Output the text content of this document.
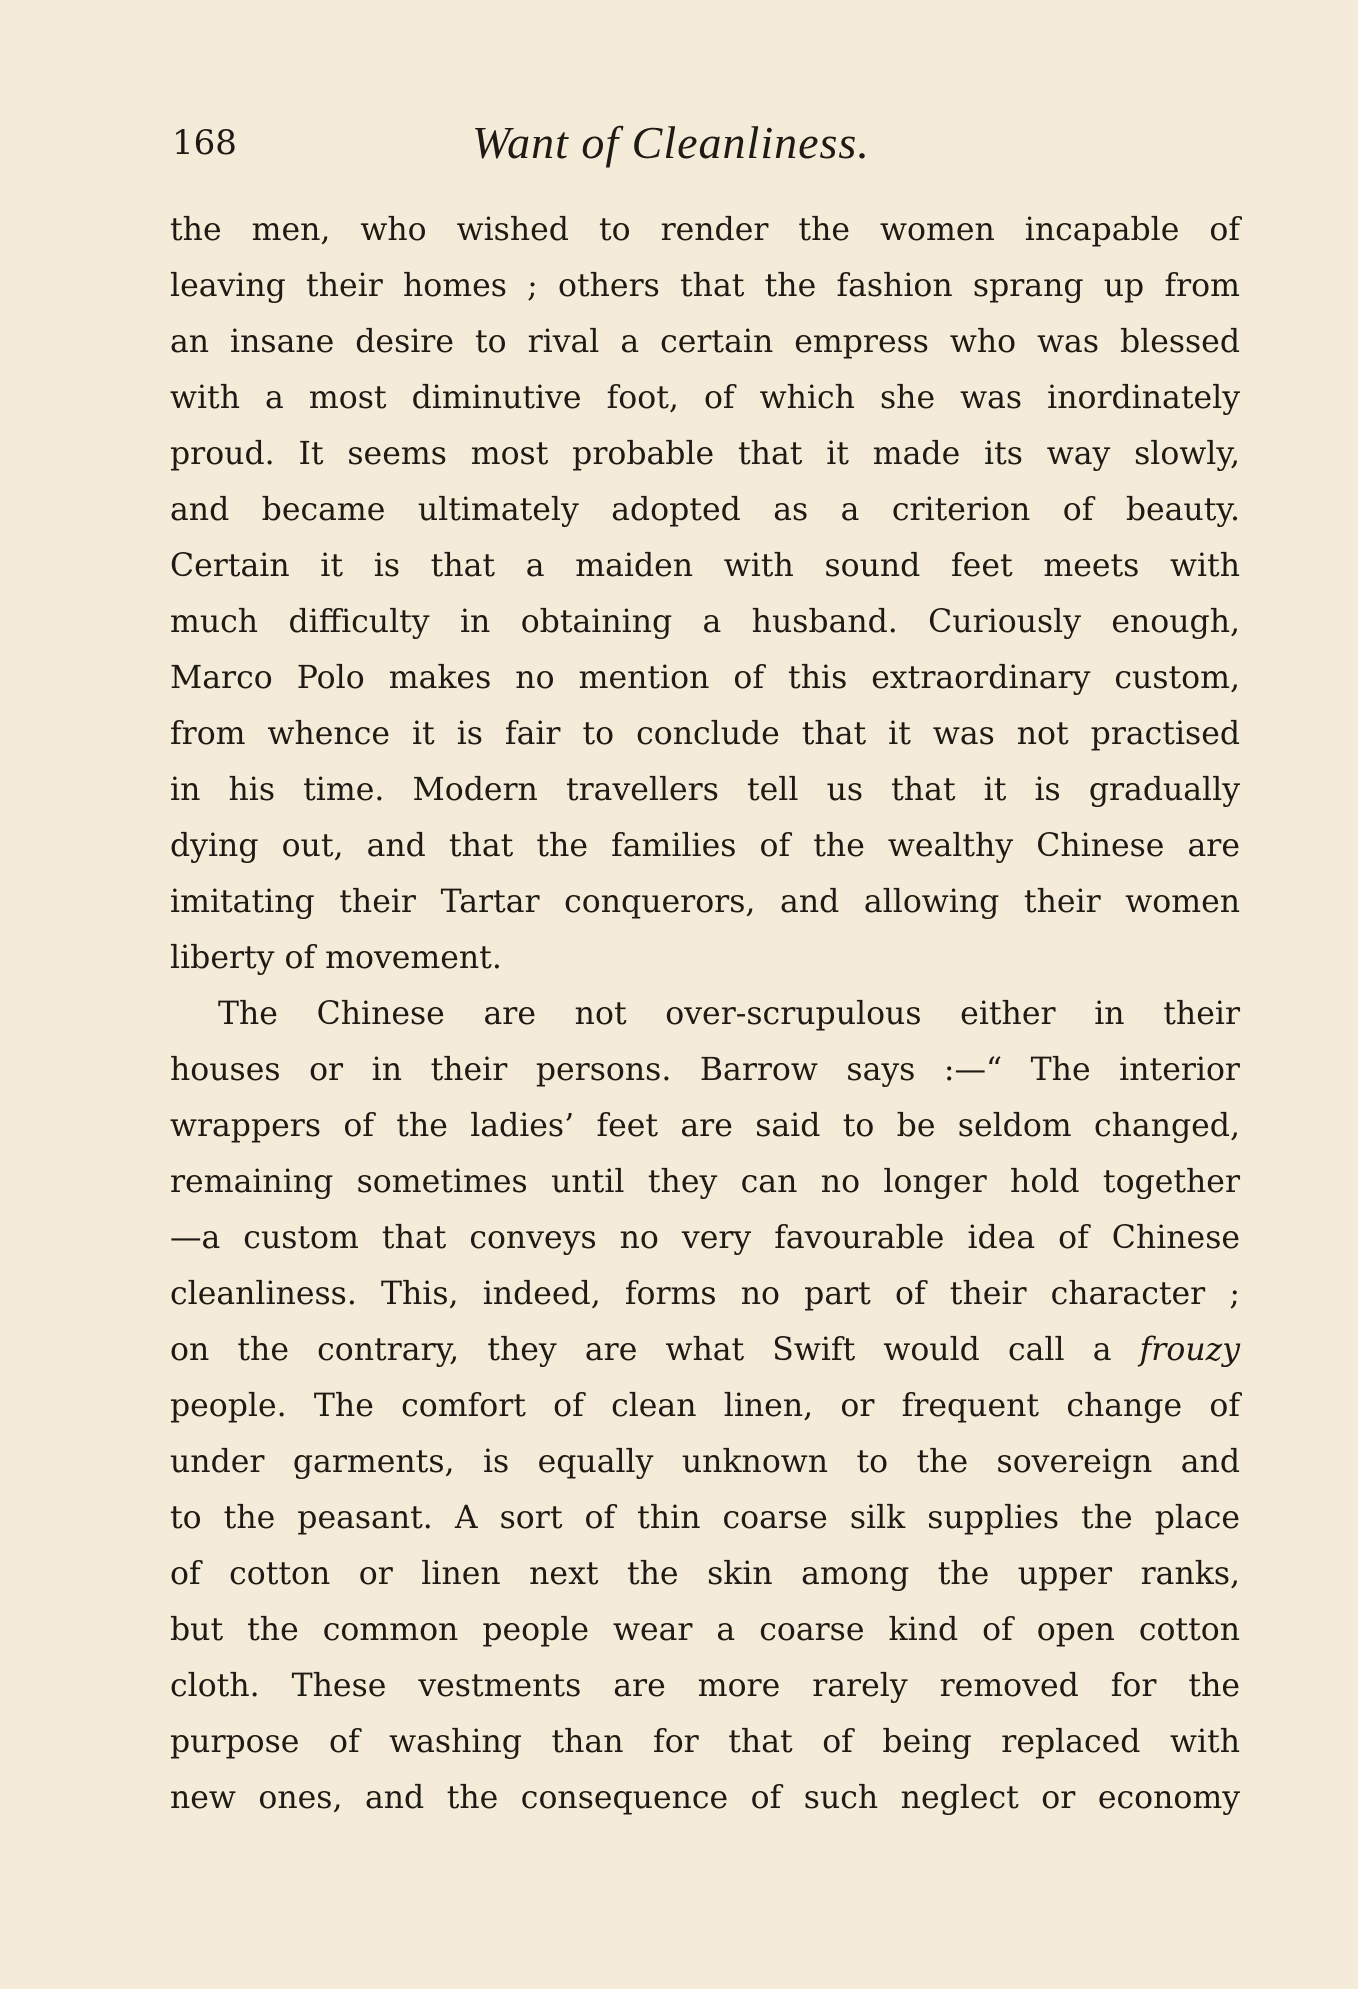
168	Want of Cleanliness.
the men, who wished to render the women incapable of
leaving their homes ; others that the fashion sprang up from
an insane desire to rival a certain empress who was blessed
with a most diminutive foot, of which she was inordinately
proud. It seems most probable that it made its way slowly,
and became ultimately adopted as a criterion of beauty.
Certain it is that a maiden with sound feet meets with
much difficulty in obtaining a husband. Curiously enough,
Marco Polo makes no mention of this extraordinary custom,
from whence it is fair to conclude that it was not practised
in his time. Modern travellers tell us that it is gradually
dying out, and that the families of the wealthy Chinese are
imitating their Tartar conquerors, and allowing their women
liberty of movement.
The Chinese are not over-scrupulous either in their
houses or in their persons. Barrow says :—“ The interior
wrappers of the ladies’ feet are said to be seldom changed,
remaining sometimes until they can no longer hold together
—a custom that conveys no very favourable idea of Chinese
cleanliness. This, indeed, forms no part of their character ;
on the contrary, they are what Swift would call a frouzy
people. The comfort of clean linen, or frequent change of
under garments, is equally unknown to the sovereign and
to the peasant. A sort of thin coarse silk supplies the place
of cotton or linen next the skin among the upper ranks,
but the common people wear a coarse kind of open cotton
cloth. These vestments are more rarely removed for the
purpose of washing than for that of being replaced with
new ones, and the consequence of such neglect or economy
